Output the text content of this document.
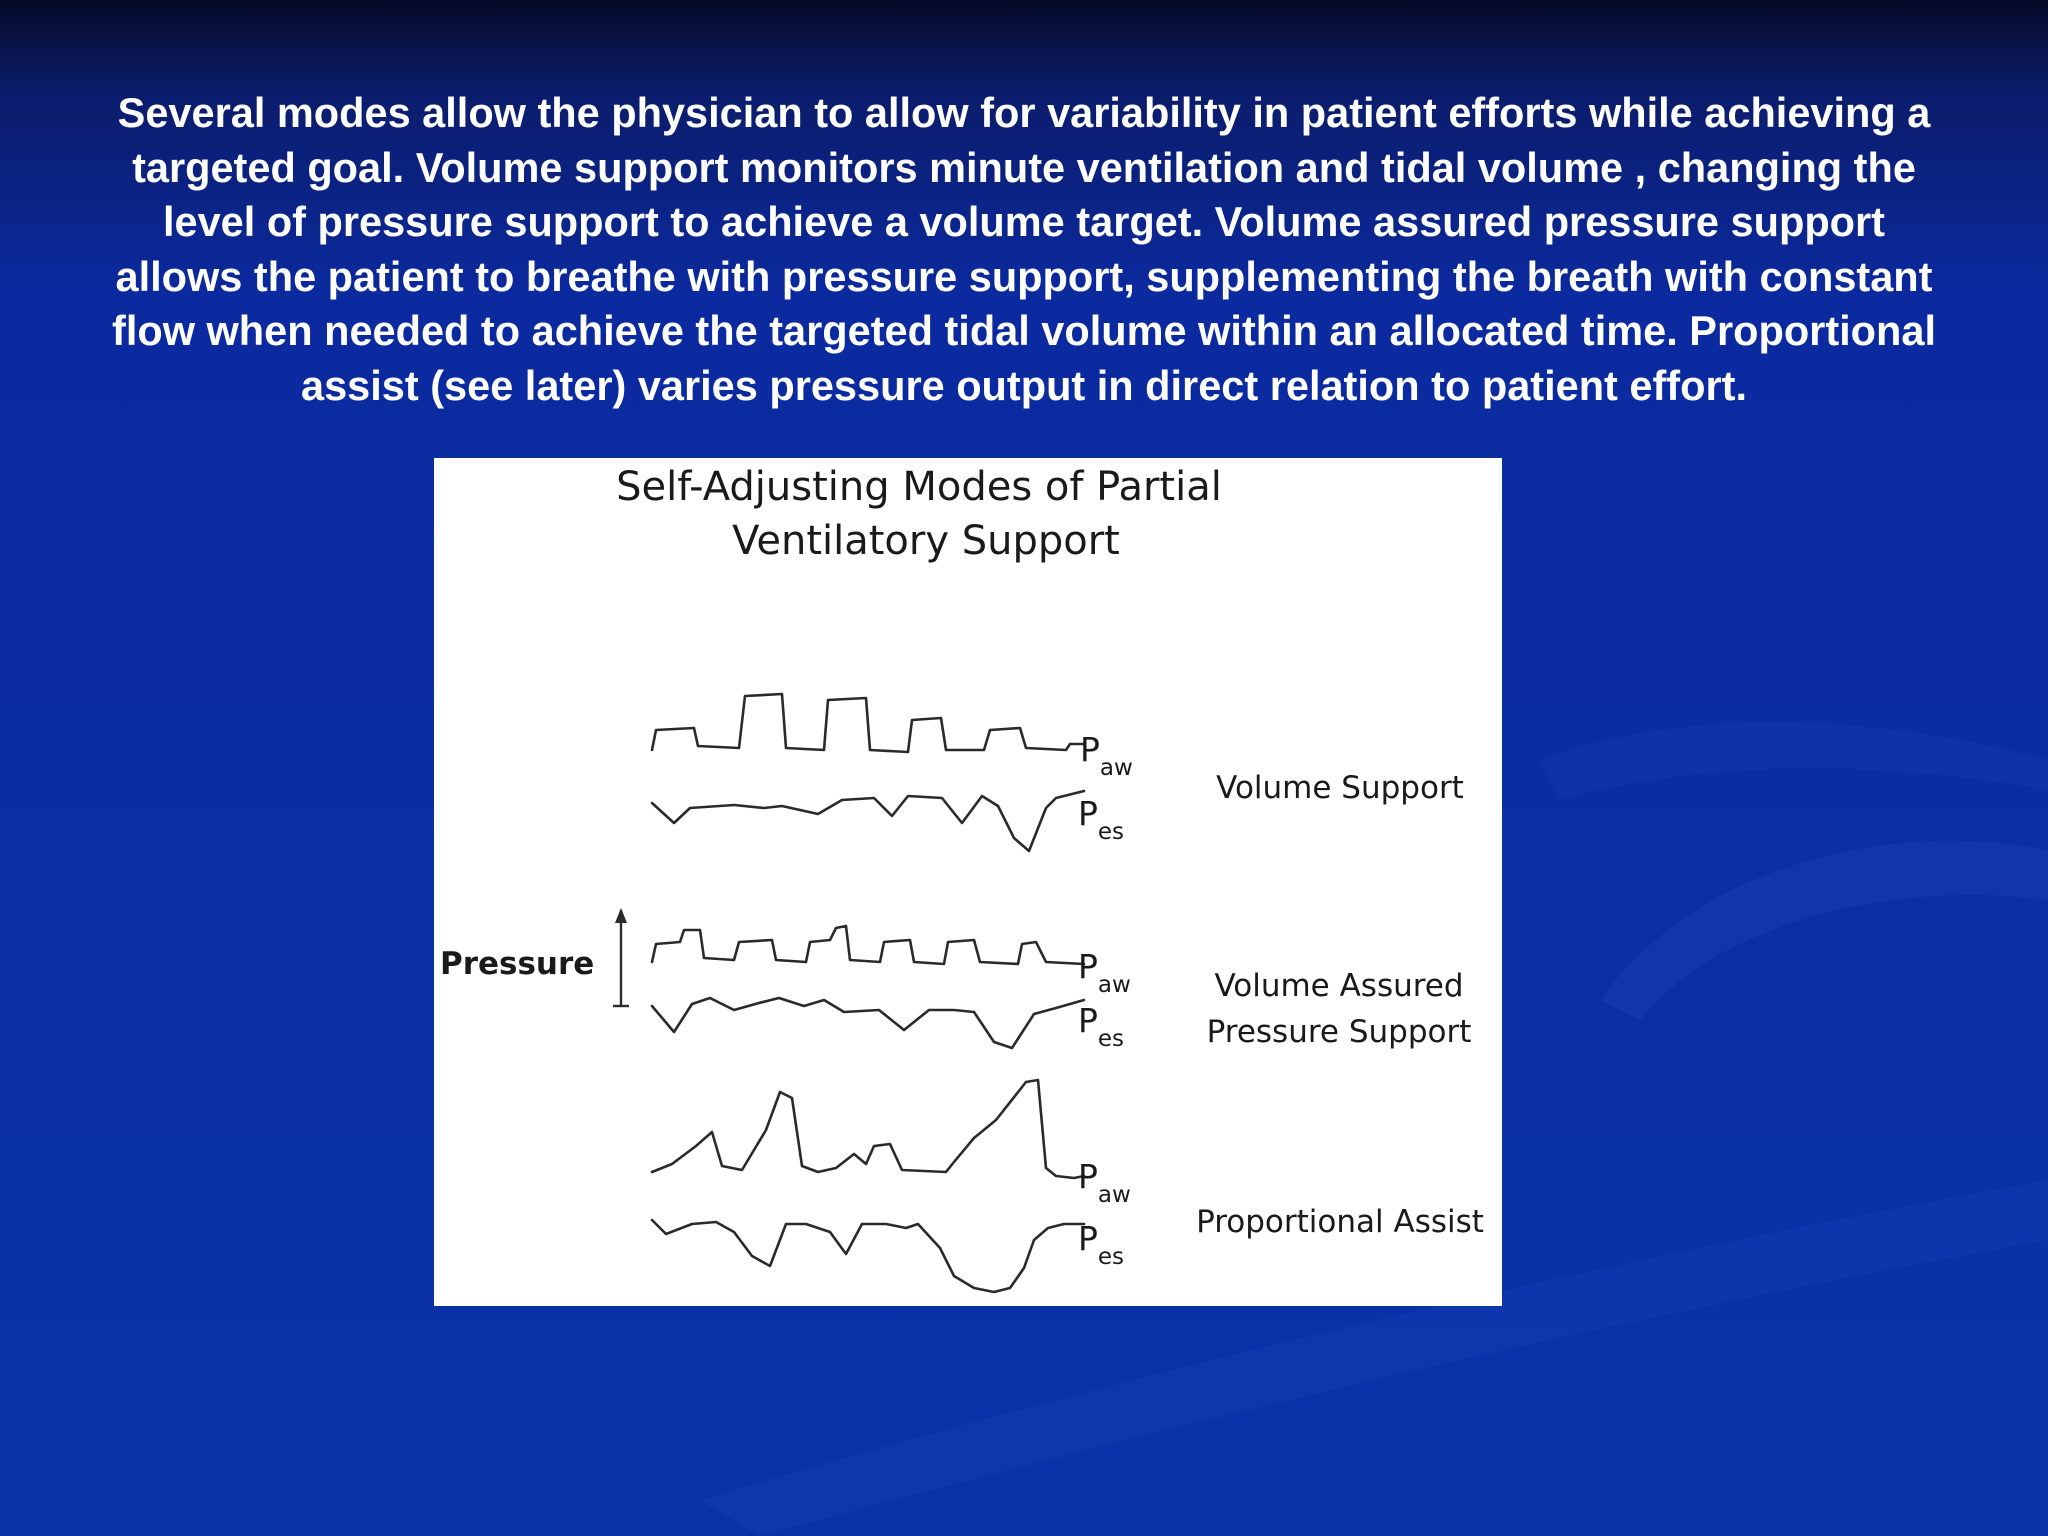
Several modes allow the physician to allow for variability in patient efforts while achieving a targeted goal. Volume support monitors minute ventilation and tidal volume , changing the level of pressure support to achieve a volume target. Volume assured pressure support allows the patient to breathe with pressure support, supplementing the breath with constant flow when needed to achieve the targeted tidal volume within an allocated time. Proportional assist (see later) varies pressure output in direct relation to patient effort.

Self-Adjusting Modes of Partial
Ventilatory Support
Pressure
$P_{aw}$
$P_{es}$
Volume Support
$P_{aw}$
$P_{es}$
Volume Assured
Pressure Support
$P_{aw}$
$P_{es}$
Proportional Assist
